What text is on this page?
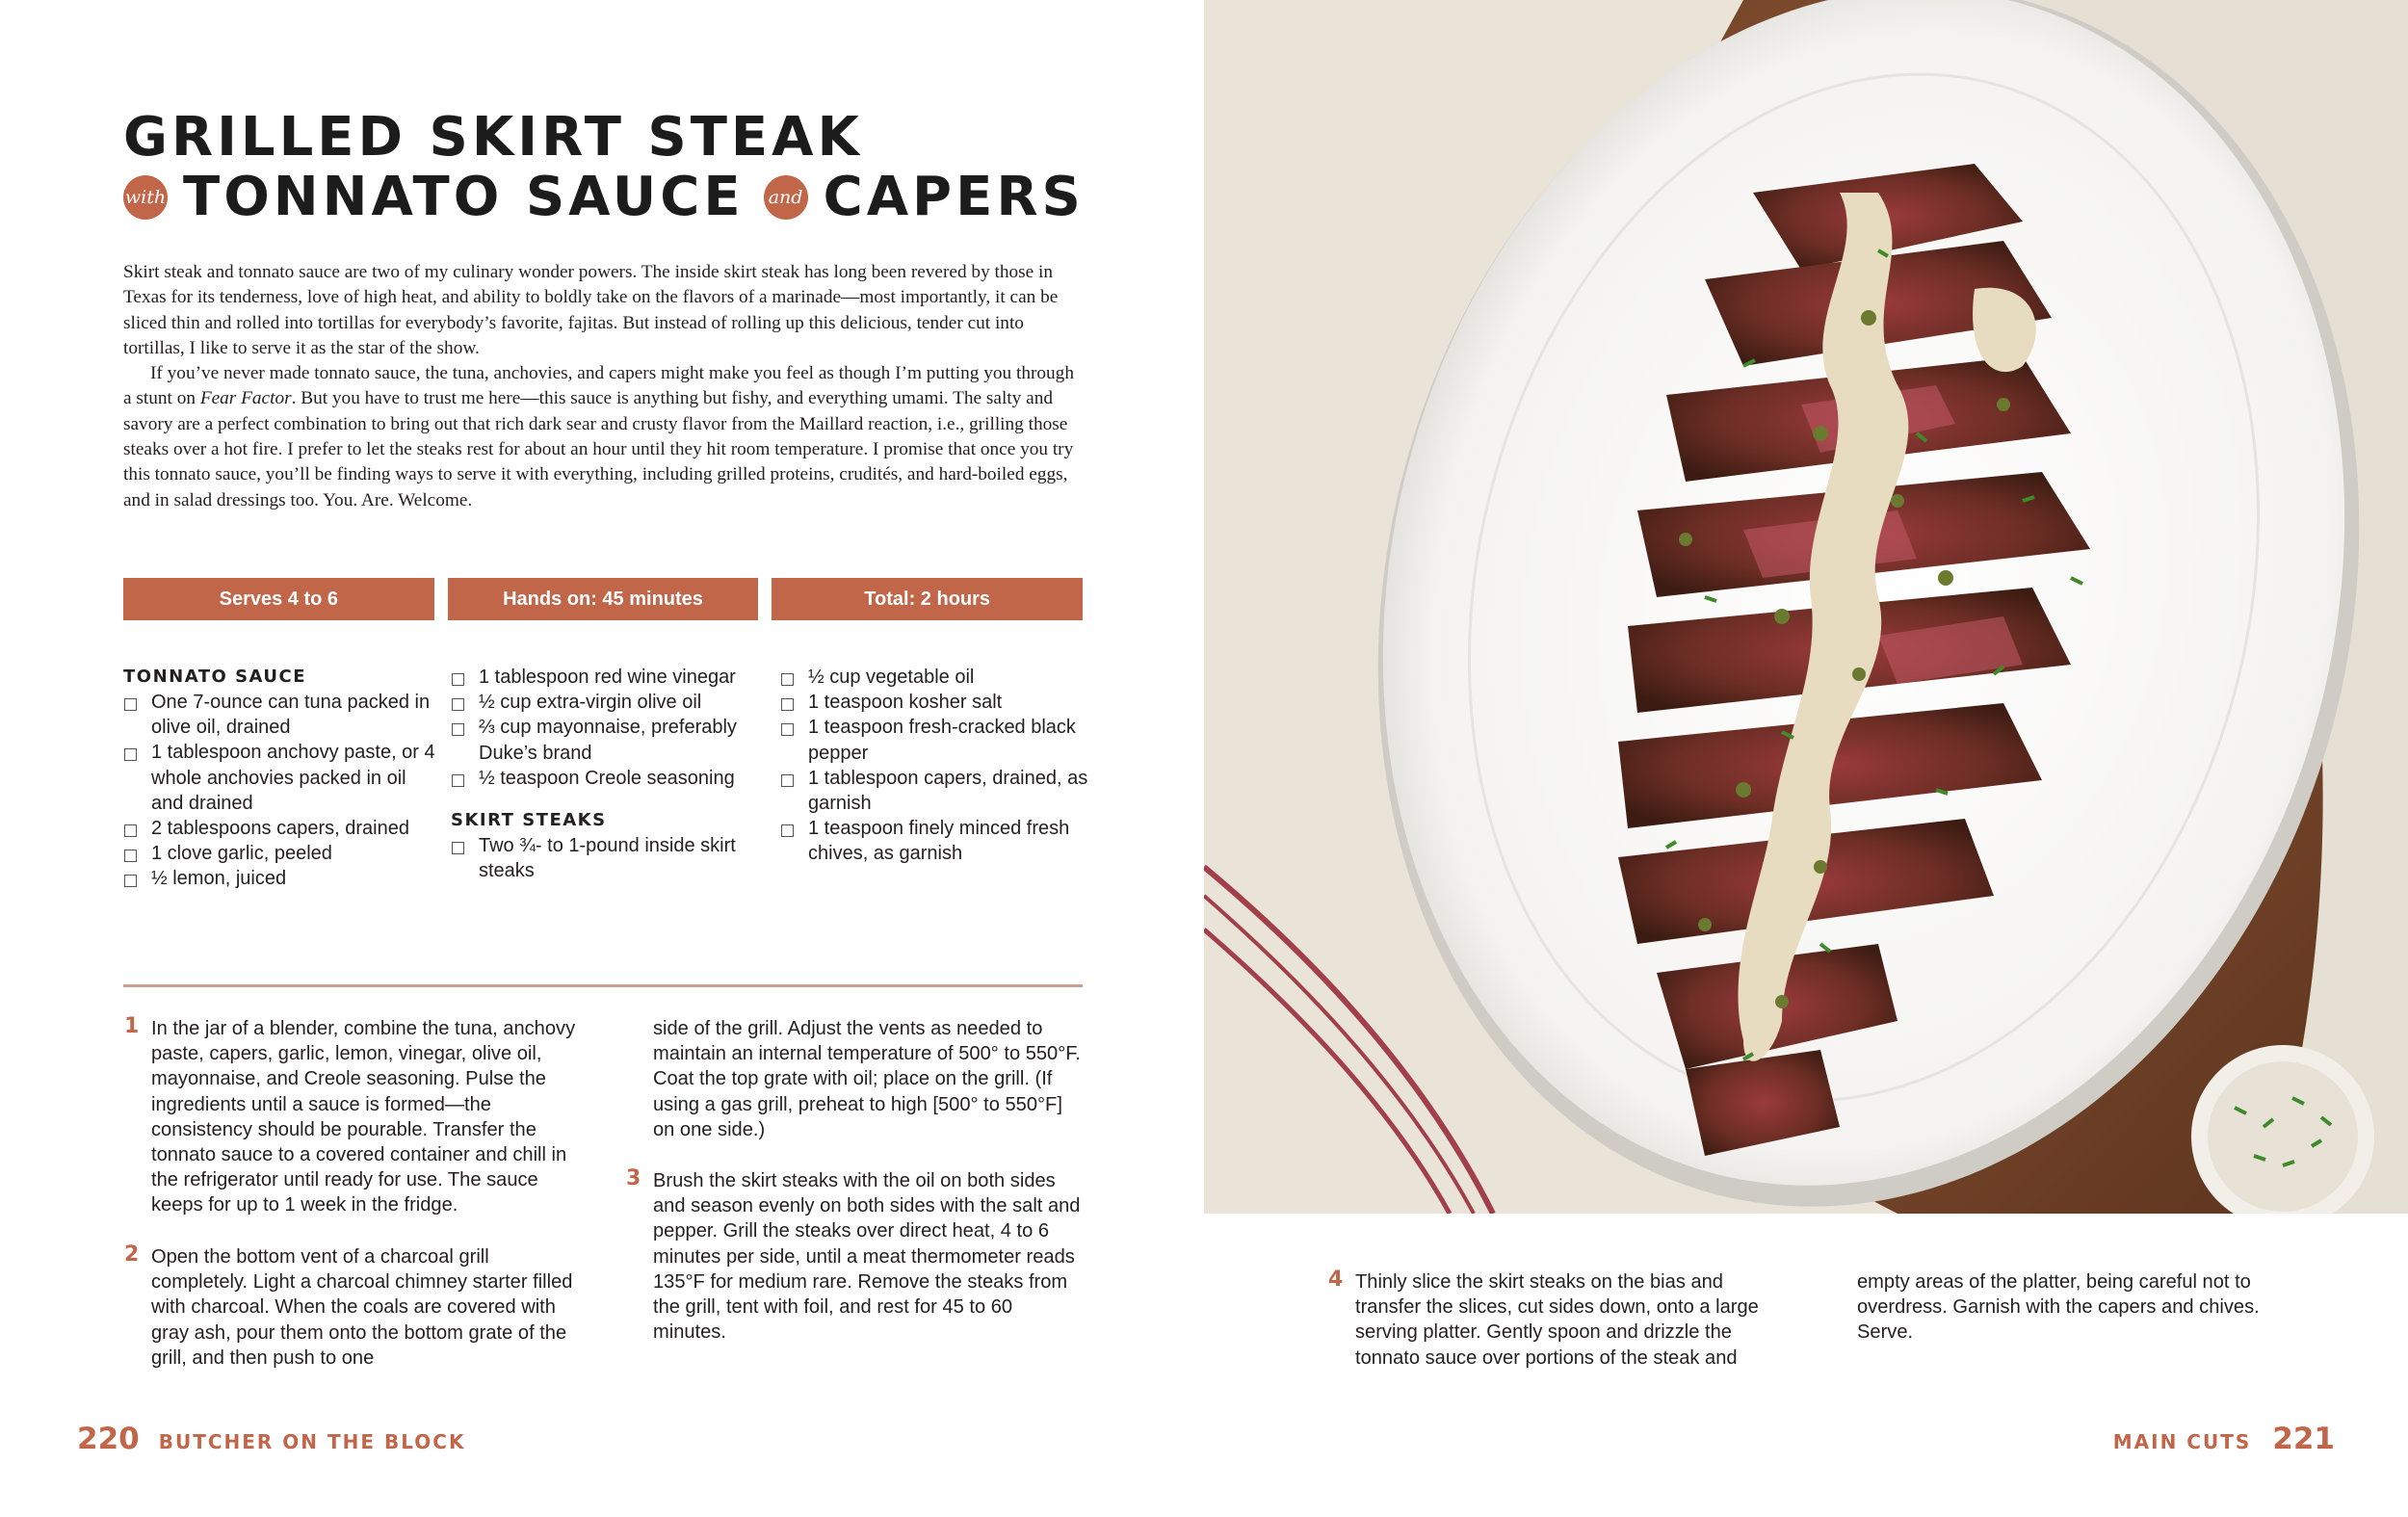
GRILLED SKIRT STEAK
with TONNATO SAUCE and CAPERS

Skirt steak and tonnato sauce are two of my culinary wonder powers. The inside skirt steak has long been revered by those in Texas for its tenderness, love of high heat, and ability to boldly take on the flavors of a marinade—most importantly, it can be sliced thin and rolled into tortillas for everybody’s favorite, fajitas. But instead of rolling up this delicious, tender cut into tortillas, I like to serve it as the star of the show.

If you’ve never made tonnato sauce, the tuna, anchovies, and capers might make you feel as though I’m putting you through a stunt on Fear Factor. But you have to trust me here—this sauce is anything but fishy, and everything umami. The salty and savory are a perfect combination to bring out that rich dark sear and crusty flavor from the Maillard reaction, i.e., grilling those steaks over a hot fire. I prefer to let the steaks rest for about an hour until they hit room temperature. I promise that once you try this tonnato sauce, you’ll be finding ways to serve it with everything, including grilled proteins, crudités, and hard-boiled eggs, and in salad dressings too. You. Are. Welcome.

Serves 4 to 6	Hands on: 45 minutes	Total: 2 hours
TONNATO SAUCE
One 7-ounce can tuna packed in olive oil, drained
1 tablespoon anchovy paste, or 4 whole anchovies packed in oil and drained
2 tablespoons capers, drained
1 clove garlic, peeled
½ lemon, juiced
1 tablespoon red wine vinegar
½ cup extra-virgin olive oil
⅔ cup mayonnaise, preferably Duke’s brand
½ teaspoon Creole seasoning
SKIRT STEAKS
Two ¾- to 1-pound inside skirt steaks
½ cup vegetable oil
1 teaspoon kosher salt
1 teaspoon fresh-cracked black pepper
1 tablespoon capers, drained, as garnish
1 teaspoon finely minced fresh chives, as garnish
1 In the jar of a blender, combine the tuna, anchovy paste, capers, garlic, lemon, vinegar, olive oil, mayonnaise, and Creole seasoning. Pulse the ingredients until a sauce is formed—the consistency should be pourable. Transfer the tonnato sauce to a covered container and chill in the refrigerator until ready for use. The sauce keeps for up to 1 week in the fridge.
2 Open the bottom vent of a charcoal grill completely. Light a charcoal chimney starter filled with charcoal. When the coals are covered with gray ash, pour them onto the bottom grate of the grill, and then push to one
side of the grill. Adjust the vents as needed to maintain an internal temperature of 500° to 550°F. Coat the top grate with oil; place on the grill. (If using a gas grill, preheat to high [500° to 550°F] on one side.)
3 Brush the skirt steaks with the oil on both sides and season evenly on both sides with the salt and pepper. Grill the steaks over direct heat, 4 to 6 minutes per side, until a meat thermometer reads 135°F for medium rare. Remove the steaks from the grill, tent with foil, and rest for 45 to 60 minutes.
220 BUTCHER ON THE BLOCK
4 Thinly slice the skirt steaks on the bias and transfer the slices, cut sides down, onto a large serving platter. Gently spoon and drizzle the tonnato sauce over portions of the steak and
empty areas of the platter, being careful not to overdress. Garnish with the capers and chives. Serve.
MAIN CUTS 221
